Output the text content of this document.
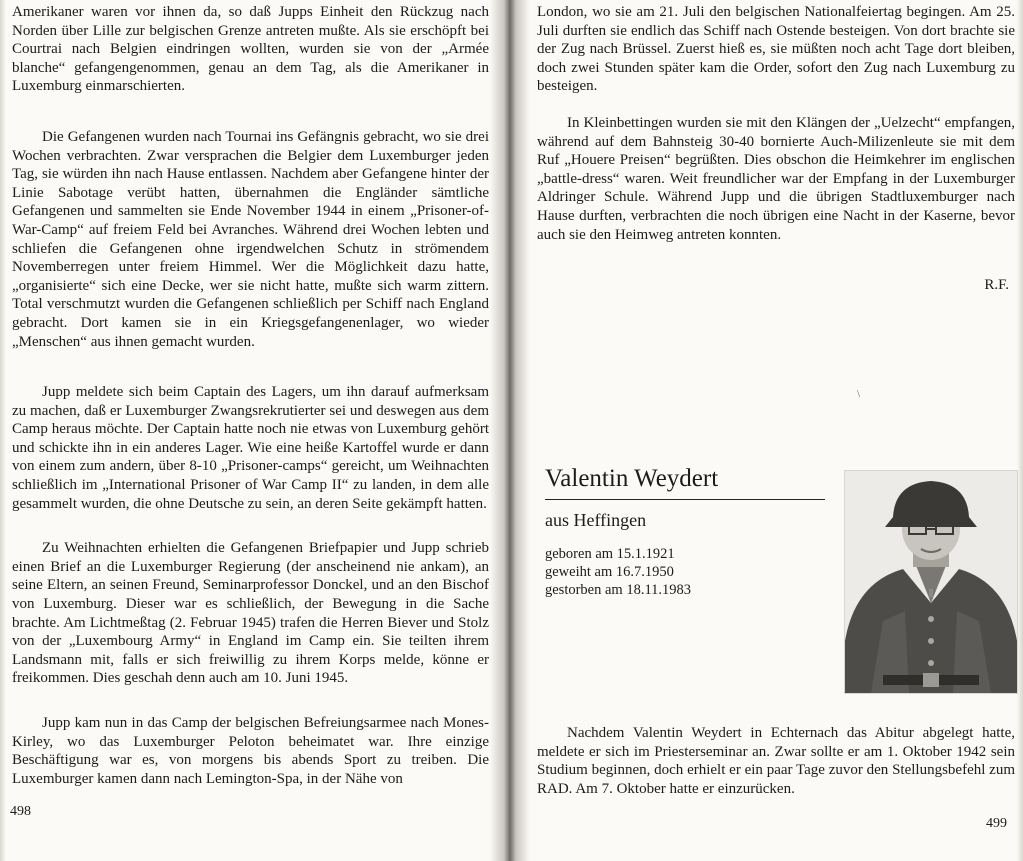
Amerikaner waren vor ihnen da, so daß Jupps Einheit den Rückzug nach Norden über Lille zur belgischen Grenze antreten mußte. Als sie erschöpft bei Courtrai nach Belgien eindringen wollten, wurden sie von der „Armée blanche“ gefangengenommen, genau an dem Tag, als die Amerikaner in Luxemburg einmarschierten.

Die Gefangenen wurden nach Tournai ins Gefängnis gebracht, wo sie drei Wochen verbrachten. Zwar versprachen die Belgier dem Luxemburger jeden Tag, sie würden ihn nach Hause entlassen. Nachdem aber Gefangene hinter der Linie Sabotage verübt hatten, übernahmen die Engländer sämtliche Gefangenen und sammelten sie Ende November 1944 in einem „Prisoner-of-War-Camp“ auf freiem Feld bei Avranches. Während drei Wochen lebten und schliefen die Gefangenen ohne irgendwelchen Schutz in strömendem Novemberregen unter freiem Himmel. Wer die Möglichkeit dazu hatte, „organisierte“ sich eine Decke, wer sie nicht hatte, mußte sich warm zittern. Total verschmutzt wurden die Gefangenen schließlich per Schiff nach England gebracht. Dort kamen sie in ein Kriegsgefangenenlager, wo wieder „Menschen“ aus ihnen gemacht wurden.

Jupp meldete sich beim Captain des Lagers, um ihn darauf aufmerksam zu machen, daß er Luxemburger Zwangsrekrutierter sei und deswegen aus dem Camp heraus möchte. Der Captain hatte noch nie etwas von Luxemburg gehört und schickte ihn in ein anderes Lager. Wie eine heiße Kartoffel wurde er dann von einem zum andern, über 8-10 „Prisoner-camps“ gereicht, um Weihnachten schließlich im „International Prisoner of War Camp II“ zu landen, in dem alle gesammelt wurden, die ohne Deutsche zu sein, an deren Seite gekämpft hatten.

Zu Weihnachten erhielten die Gefangenen Briefpapier und Jupp schrieb einen Brief an die Luxemburger Regierung (der anscheinend nie ankam), an seine Eltern, an seinen Freund, Seminarprofessor Donckel, und an den Bischof von Luxemburg. Dieser war es schließlich, der Bewegung in die Sache brachte. Am Lichtmeßtag (2. Februar 1945) trafen die Herren Biever und Stolz von der „Luxembourg Army“ in England im Camp ein. Sie teilten ihrem Landsmann mit, falls er sich freiwillig zu ihrem Korps melde, könne er freikommen. Dies geschah denn auch am 10. Juni 1945.

Jupp kam nun in das Camp der belgischen Befreiungsarmee nach Mones-Kirley, wo das Luxemburger Peloton beheimatet war. Ihre einzige Beschäftigung war es, von morgens bis abends Sport zu treiben. Die Luxemburger kamen dann nach Lemington-Spa, in der Nähe von

498

London, wo sie am 21. Juli den belgischen Nationalfeiertag begingen. Am 25. Juli durften sie endlich das Schiff nach Ostende besteigen. Von dort brachte sie der Zug nach Brüssel. Zuerst hieß es, sie müßten noch acht Tage dort bleiben, doch zwei Stunden später kam die Order, sofort den Zug nach Luxemburg zu besteigen.

In Kleinbettingen wurden sie mit den Klängen der „Uelzecht“ empfangen, während auf dem Bahnsteig 30-40 bornierte Auch-Milizenleute sie mit dem Ruf „Houere Preisen“ begrüßten. Dies obschon die Heimkehrer im englischen „battle-dress“ waren. Weit freundlicher war der Empfang in der Luxemburger Aldringer Schule. Während Jupp und die übrigen Stadtluxemburger nach Hause durften, verbrachten die noch übrigen eine Nacht in der Kaserne, bevor auch sie den Heimweg antreten konnten.

R.F.
\
Valentin Weydert
aus Heffingen
geboren am 15.1.1921
geweiht am 16.7.1950
gestorben am 18.11.1983

Nachdem Valentin Weydert in Echternach das Abitur abgelegt hatte, meldete er sich im Priesterseminar an. Zwar sollte er am 1. Oktober 1942 sein Studium beginnen, doch erhielt er ein paar Tage zuvor den Stellungsbefehl zum RAD. Am 7. Oktober hatte er einzurücken.

499
